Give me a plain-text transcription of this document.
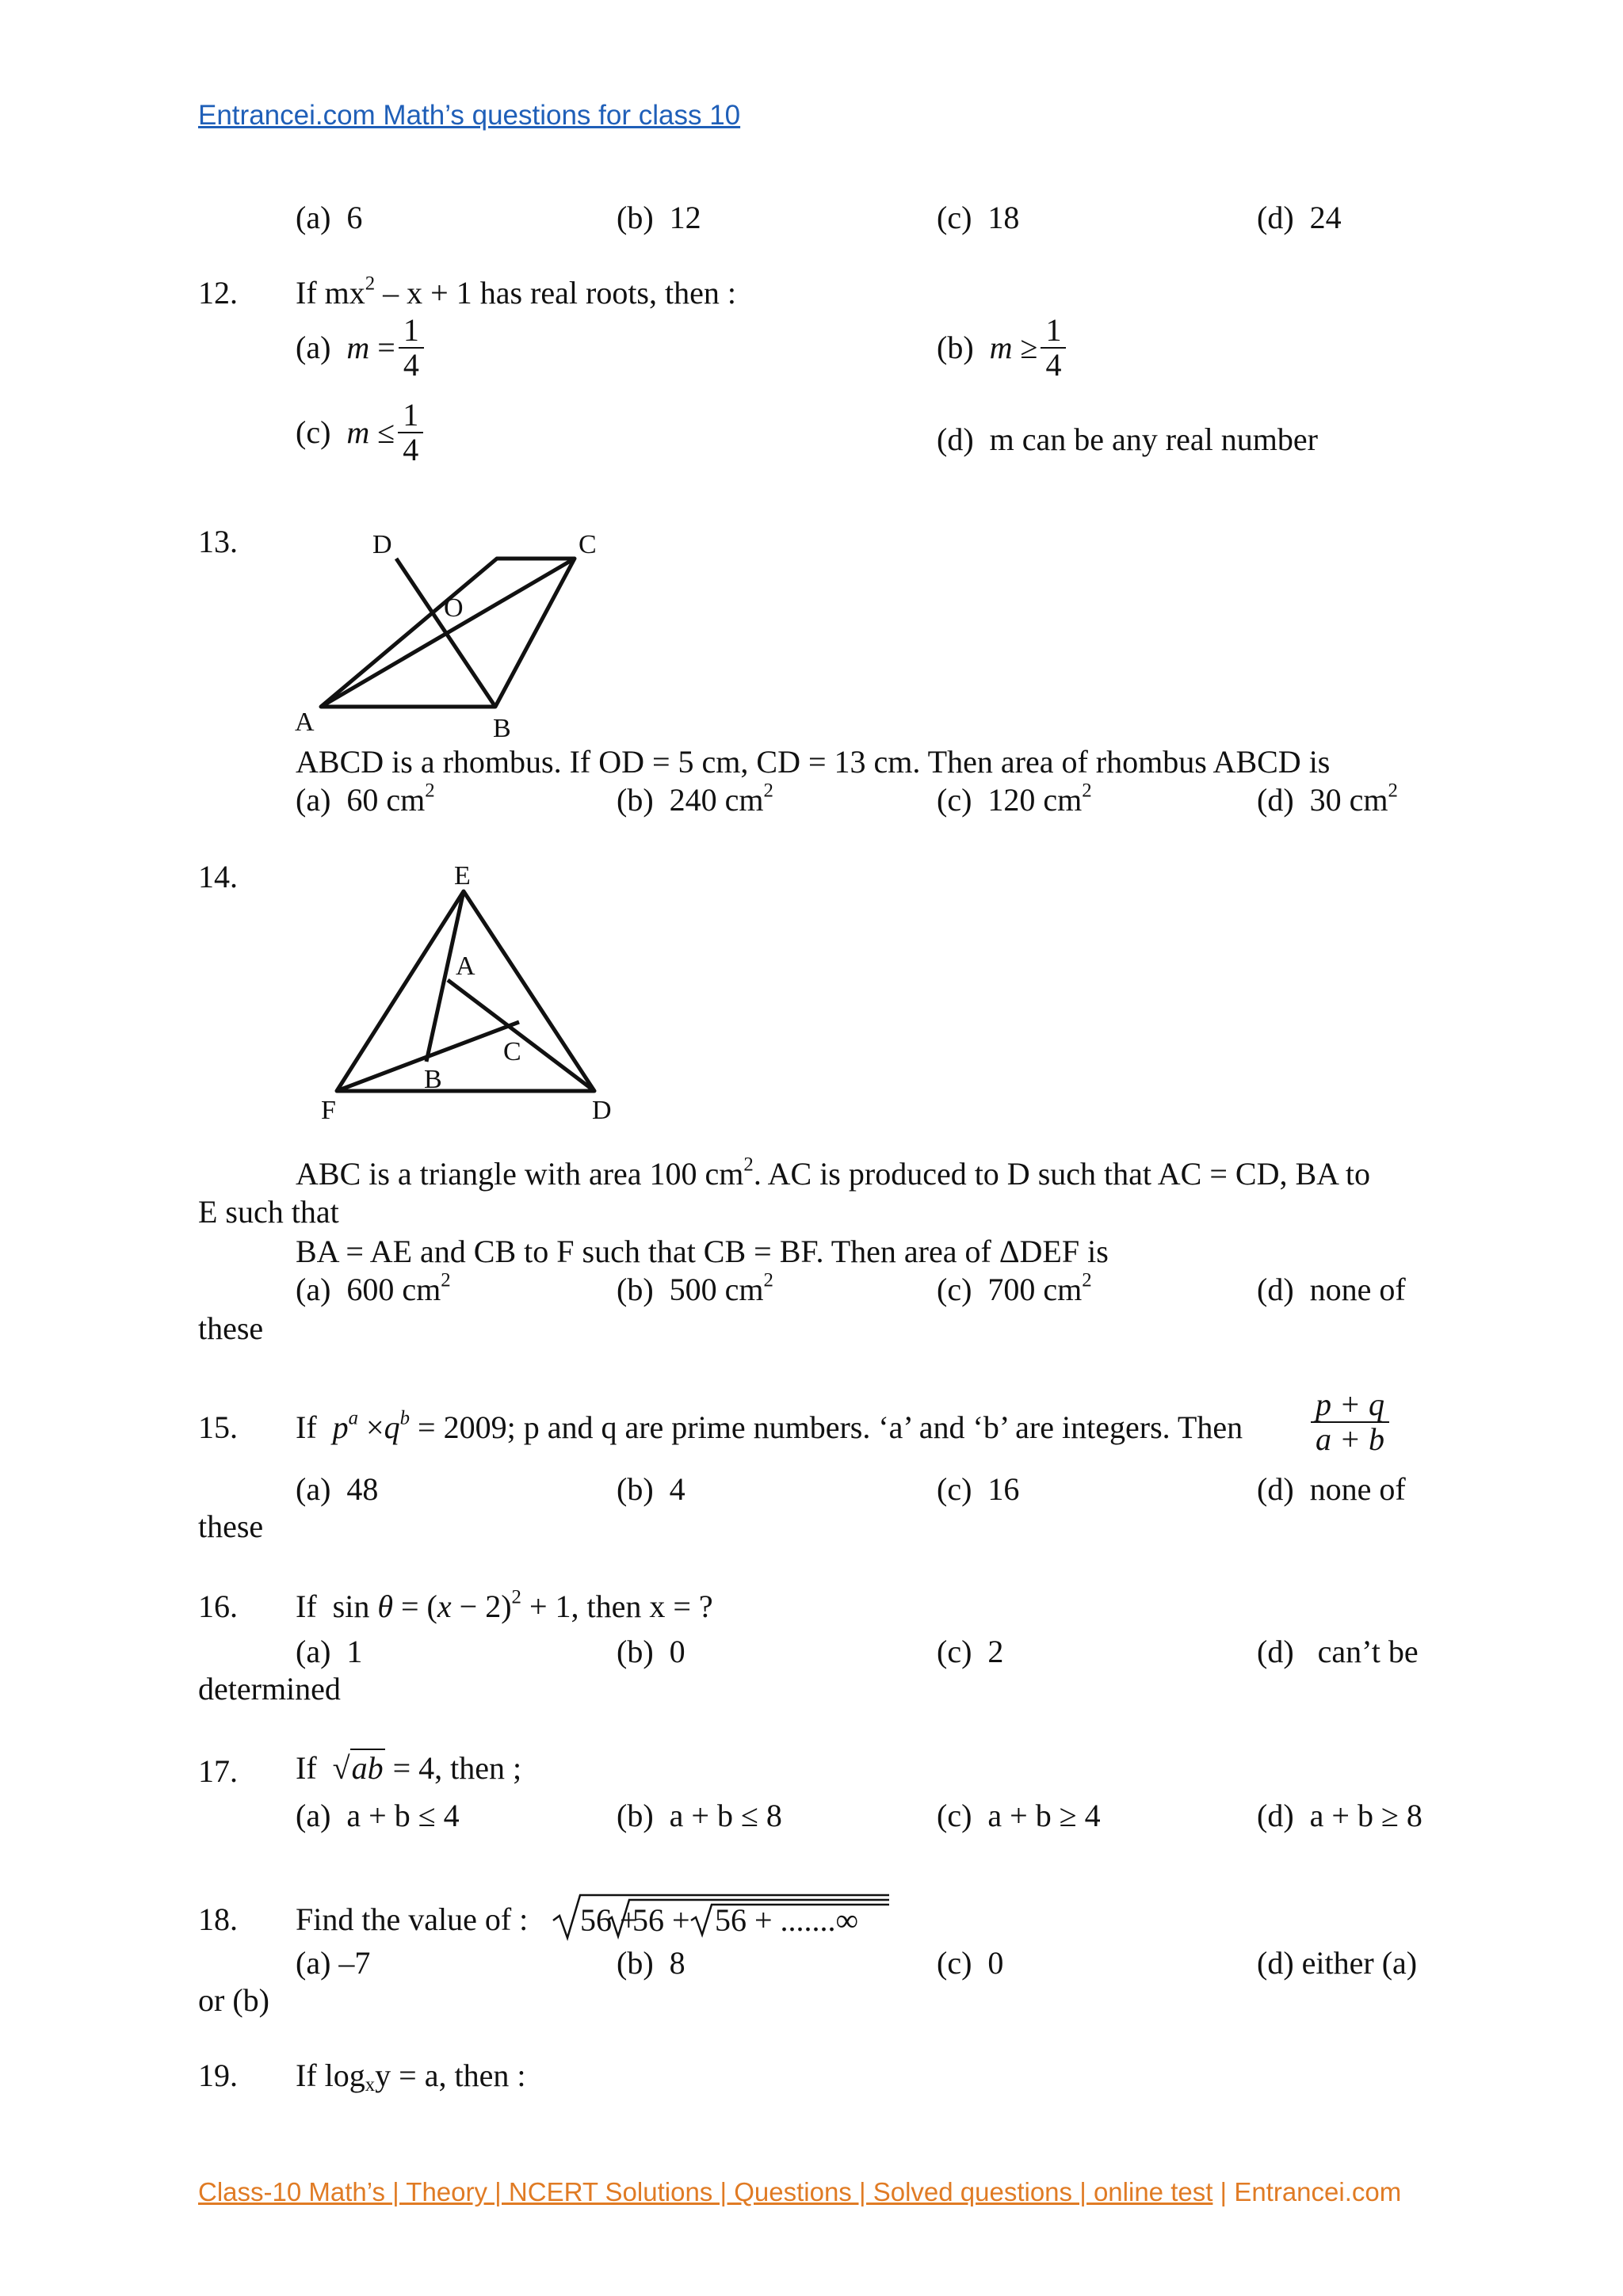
Entrancei.com Math’s questions for class 10
(a) 6	(b) 12	(c) 18	(d) 24
12. If $mx^2 - x + 1$ has real roots, then :
(a) $m = \frac{1}{4}$	(b) $m \ge \frac{1}{4}$
(c) $m \le \frac{1}{4}$	(d) m can be any real number
13.	D	C
O
A	B
ABCD is a rhombus. If OD = 5 cm, CD = 13 cm. Then area of rhombus ABCD is
(a) 60 $cm^2$	(b) 240 $cm^2$	(c) 120 $cm^2$	(d) 30 $cm^2$
14.	E
A
C
B
F	D
ABC is a triangle with area 100 $cm^2$. AC is produced to D such that AC = CD, BA to
E such that
BA = AE and CB to F such that CB = BF. Then area of ΔDEF is
(a) 600 $cm^2$	(b) 500 $cm^2$	(c) 700 $cm^2$	(d) none of
these
15. If $p^a \times q^b = 2009$; p and q are prime numbers. ‘a’ and ‘b’ are integers. Then $\frac{p + q}{a + b}$
(a) 48	(b) 4	(c) 16	(d) none of
these
16. If $\sin \theta = (x - 2)^2 + 1$, then x = ?
(a) 1	(b) 0	(c) 2	(d) can’t be
determined
17. If √ab = 4, then ;
(a) a + b ≤ 4	(b) a + b ≤ 8	(c) a + b ≥ 4	(d) a + b ≥ 8
18. Find the value of : 56 +
56 + 56 + .......∞
(a) –7	(b) 8	(c) 0	(d) either (a)
or (b)
19. If $\log_xy = a$, then :
Class-10 Math’s | Theory | NCERT Solutions | Questions | Solved questions | online test | Entrancei.com
